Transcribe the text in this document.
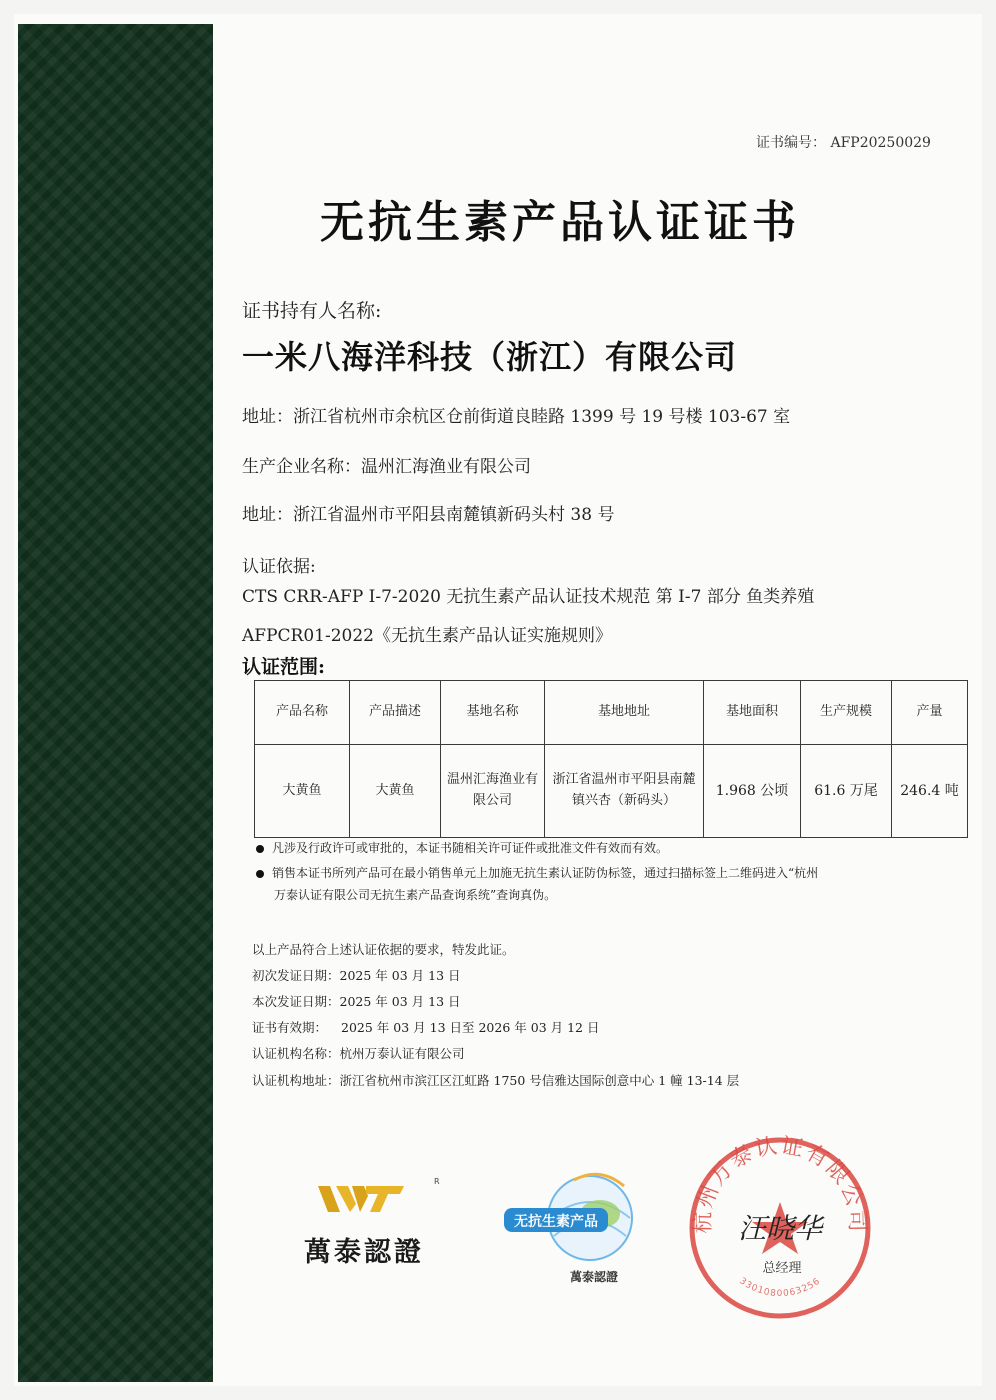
证书编号： AFP20250029
无抗生素产品认证证书
证书持有人名称:
一米八海洋科技（浙江）有限公司
地址：浙江省杭州市余杭区仓前街道良睦路 1399 号 19 号楼 103-67 室
生产企业名称：温州汇海渔业有限公司
地址：浙江省温州市平阳县南麓镇新码头村 38 号
认证依据:
CTS CRR-AFP I-7-2020 无抗生素产品认证技术规范 第 I-7 部分 鱼类养殖
AFPCR01-2022《无抗生素产品认证实施规则》
认证范围:
产品名称	产品描述	基地名称	基地地址	基地面积	生产规模	产量
大黄鱼	大黄鱼	温州汇海渔业有限公司	浙江省温州市平阳县南麓镇兴杏（新码头）	1.968 公顷	61.6 万尾	246.4 吨
凡涉及行政许可或审批的，本证书随相关许可证件或批准文件有效而有效。
销售本证书所列产品可在最小销售单元上加施无抗生素认证防伪标签，通过扫描标签上二维码进入“杭州
万泰认证有限公司无抗生素产品查询系统”查询真伪。
以上产品符合上述认证依据的要求，特发此证。
初次发证日期：2025 年 03 月 13 日
本次发证日期：2025 年 03 月 13 日
证书有效期： 2025 年 03 月 13 日至 2026 年 03 月 12 日
认证机构名称：杭州万泰认证有限公司
认证机构地址：浙江省杭州市滨江区江虹路 1750 号信雅达国际创意中心 1 幢 13-14 层
R
萬泰認證
无抗生素产品
萬泰認證
杭州万泰认证有限公司
3301080063256
汪晓华
总经理
